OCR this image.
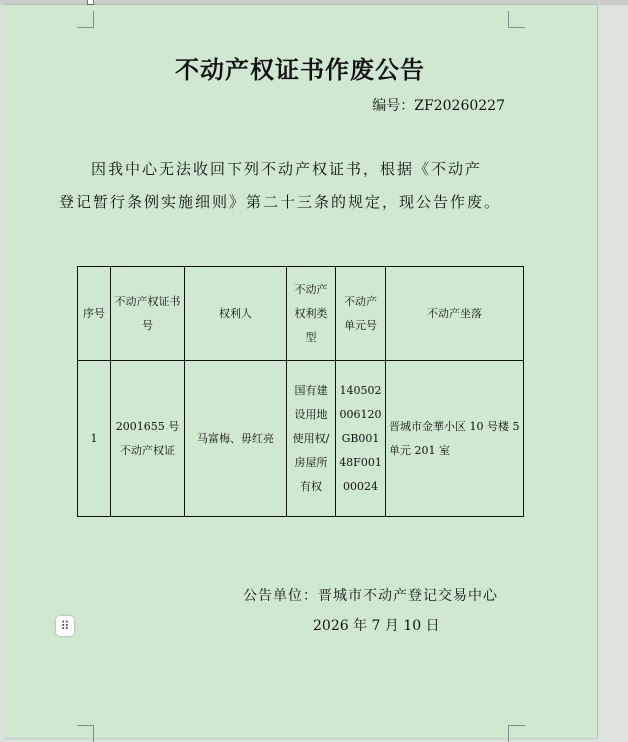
不动产权证书作废公告
编号：ZF20260227
因我中心无法收回下列不动产权证书，根据《不动产
登记暂行条例实施细则》第二十三条的规定，现公告作废。
序号	不动产权证书号	权利人	不动产权利类型	不动产单元号	不动产坐落
1	2001655 号不动产权证	马富梅、毋红亮	国有建设用地使用权/房屋所有权	140502006120GB00148F00100024	晋城市金華小区 10 号楼 5 单元 201 室
公告单位：晋城市不动产登记交易中心
2026 年 7 月 10 日
⠿
